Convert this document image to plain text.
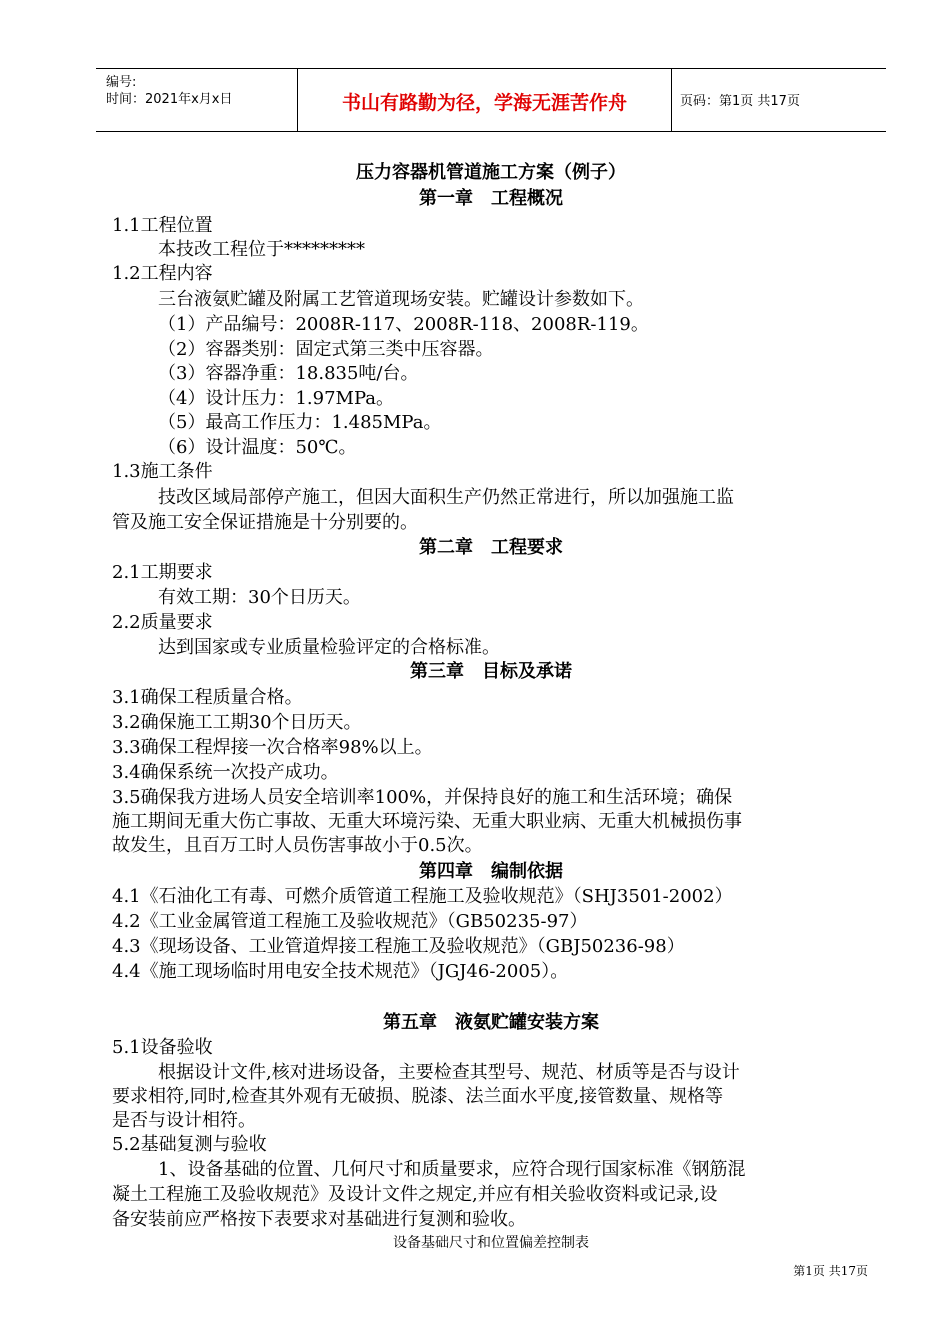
编号:
时间：2021年x月x日	书山有路勤为径，学海无涯苦作舟	页码：第1页 共17页
压力容器机管道施工方案（例子）
第一章　工程概况
1.1工程位置
本技改工程位于*********
1.2工程内容
三台液氨贮罐及附属工艺管道现场安装。贮罐设计参数如下。
（1）产品编号：2008R-117、2008R-118、2008R-119。
（2）容器类别：固定式第三类中压容器。
（3）容器净重：18.835吨/台。
（4）设计压力：1.97MPa。
（5）最高工作压力：1.485MPa。
（6）设计温度：50℃。
1.3施工条件
技改区域局部停产施工，但因大面积生产仍然正常进行，所以加强施工监
管及施工安全保证措施是十分别要的。
第二章　工程要求
2.1工期要求
有效工期：30个日历天。
2.2质量要求
达到国家或专业质量检验评定的合格标准。
第三章　目标及承诺
3.1确保工程质量合格。
3.2确保施工工期30个日历天。
3.3确保工程焊接一次合格率98%以上。
3.4确保系统一次投产成功。
3.5确保我方进场人员安全培训率100%，并保持良好的施工和生活环境；确保
施工期间无重大伤亡事故、无重大环境污染、无重大职业病、无重大机械损伤事
故发生，且百万工时人员伤害事故小于0.5次。
第四章　编制依据
4.1《石油化工有毒、可燃介质管道工程施工及验收规范》（SHJ3501-2002）
4.2《工业金属管道工程施工及验收规范》（GB50235-97）
4.3《现场设备、工业管道焊接工程施工及验收规范》（GBJ50236-98）
4.4《施工现场临时用电安全技术规范》（JGJ46-2005）。
第五章　液氨贮罐安装方案
5.1设备验收
根据设计文件,核对进场设备，主要检查其型号、规范、材质等是否与设计
要求相符,同时,检查其外观有无破损、脱漆、法兰面水平度,接管数量、规格等
是否与设计相符。
5.2基础复测与验收
1、设备基础的位置、几何尺寸和质量要求，应符合现行国家标准《钢筋混
凝土工程施工及验收规范》及设计文件之规定,并应有相关验收资料或记录,设
备安装前应严格按下表要求对基础进行复测和验收。
设备基础尺寸和位置偏差控制表
第1页 共17页
